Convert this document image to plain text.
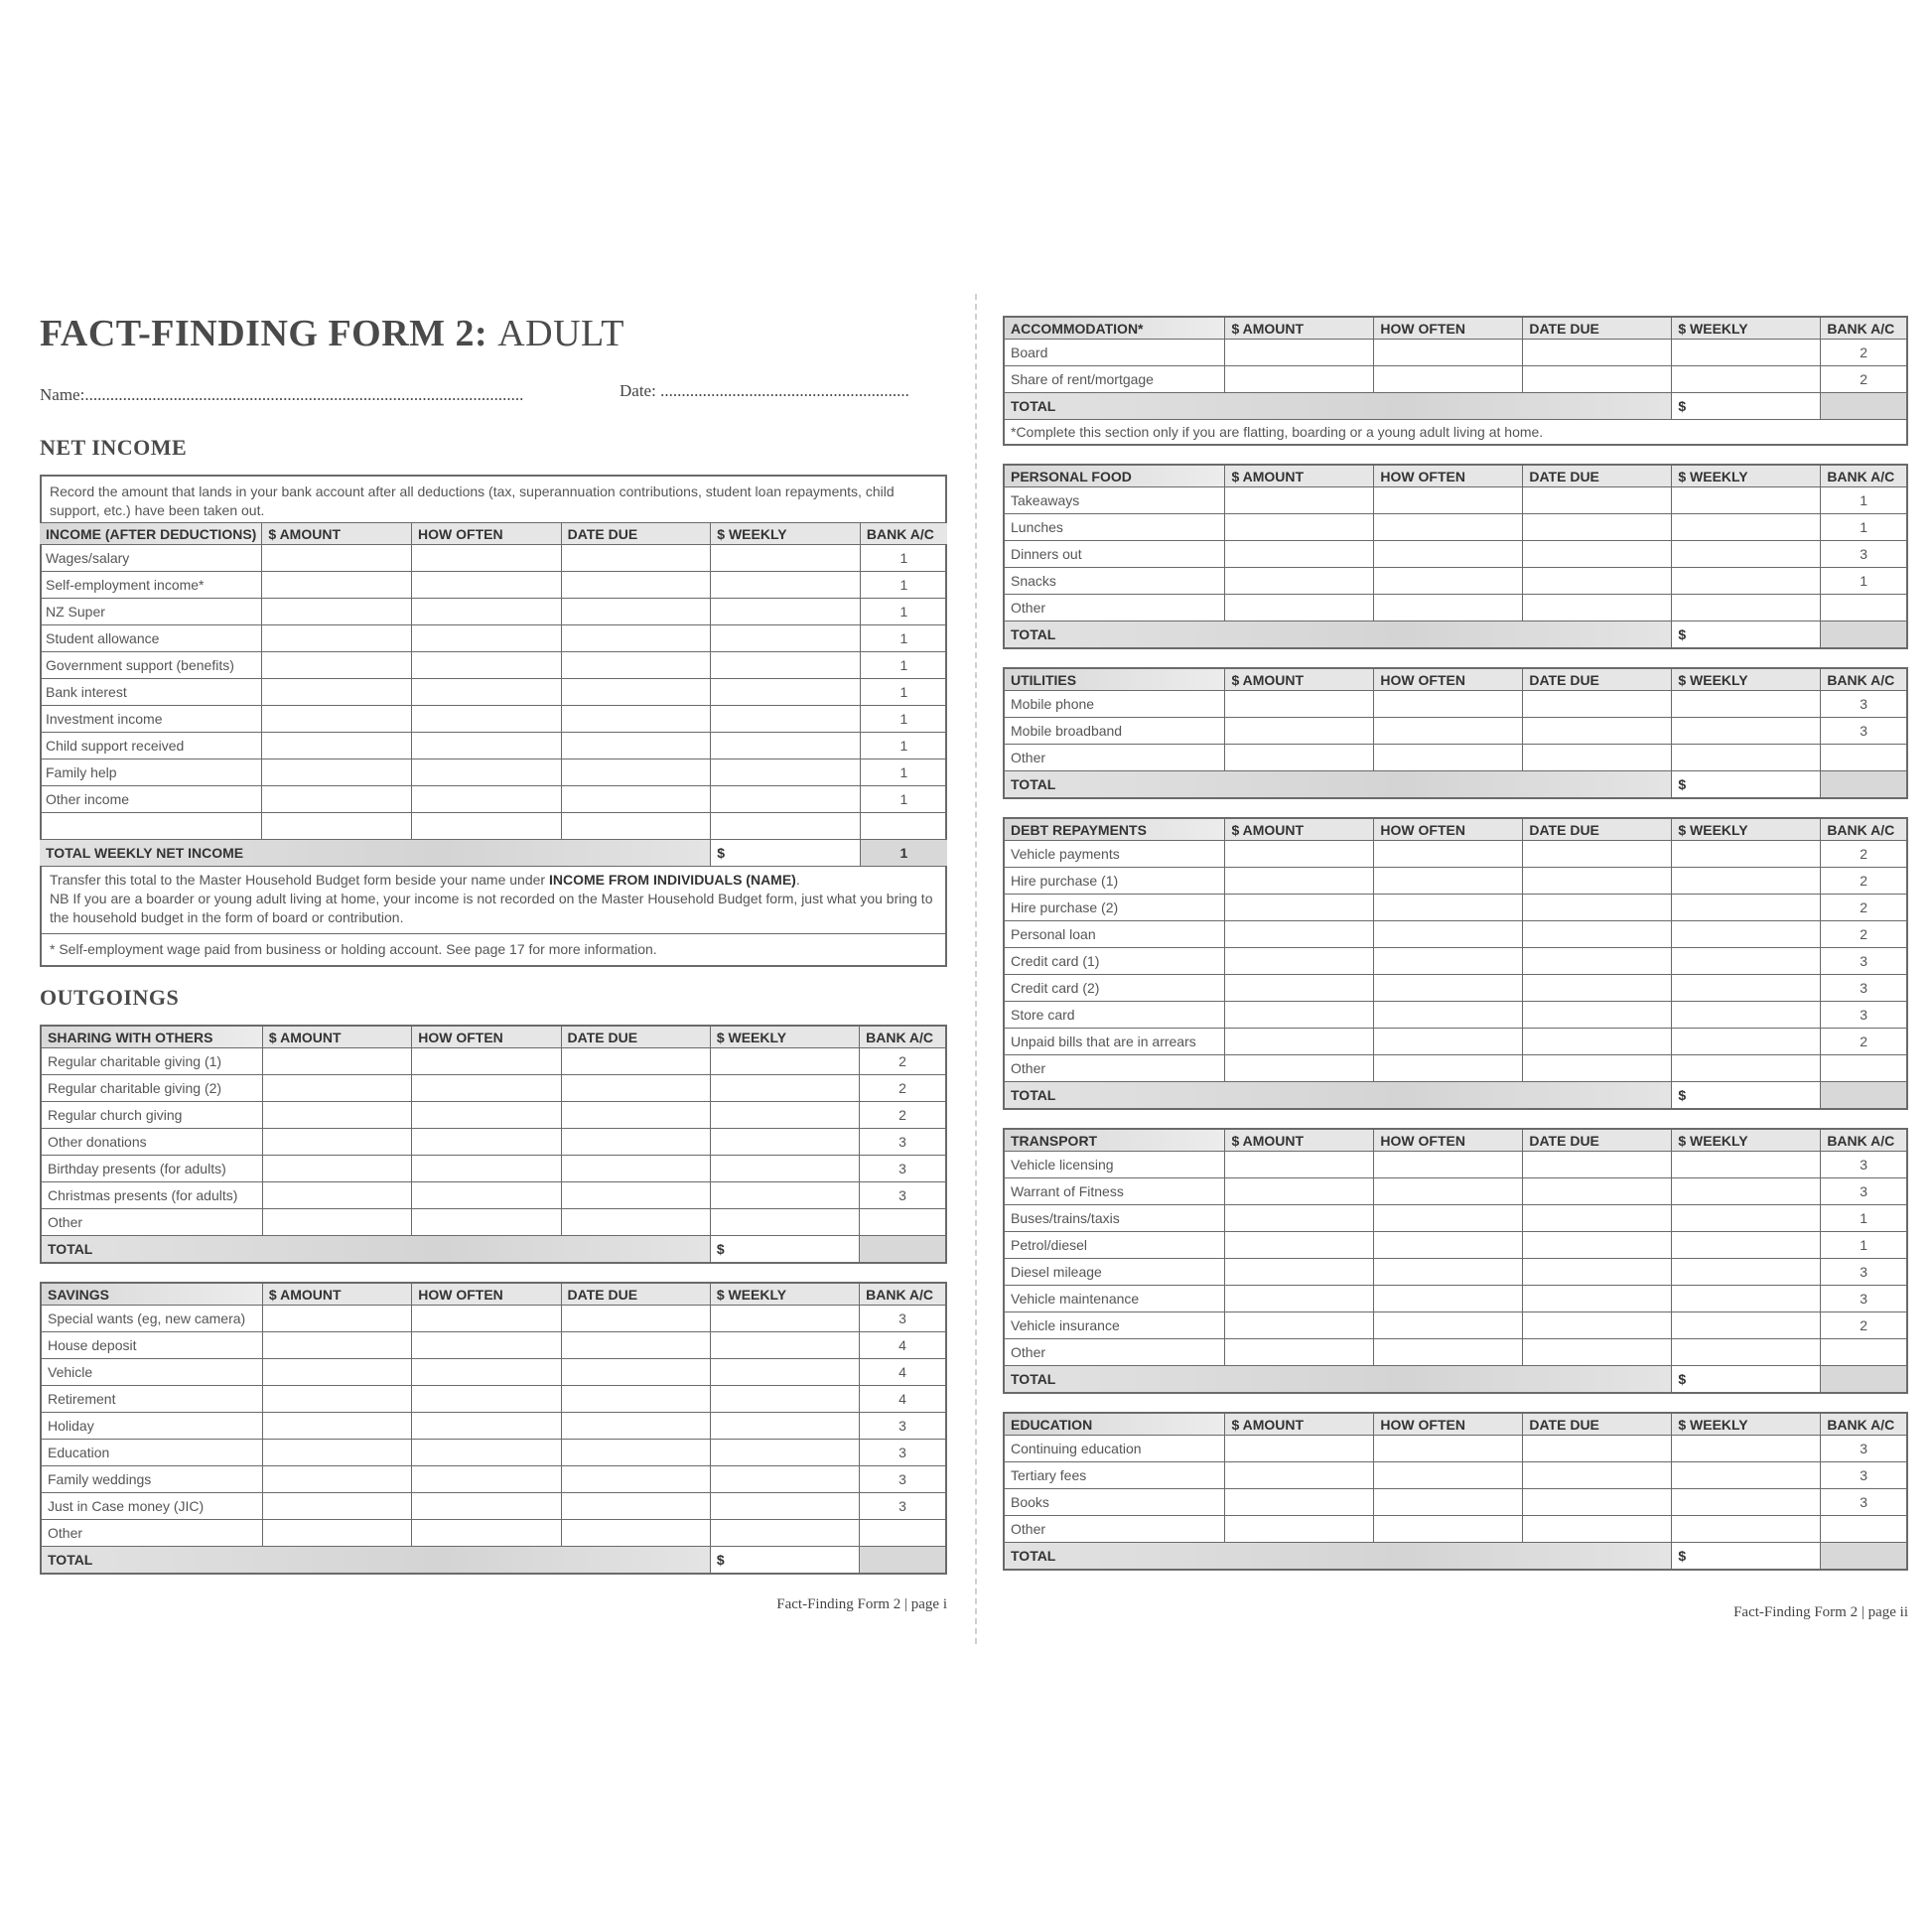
FACT-FINDING FORM 2: ADULT
Name:........................................................................................................	Date: ...........................................................
NET INCOME
Record the amount that lands in your bank account after all deductions (tax, superannuation contributions, student loan repayments, child support, etc.) have been taken out.
INCOME (AFTER DEDUCTIONS)	$ AMOUNT	HOW OFTEN	DATE DUE	$ WEEKLY	BANK A/C
Wages/salary					1
Self-employment income*					1
NZ Super					1
Student allowance					1
Government support (benefits)					1
Bank interest					1
Investment income					1
Child support received					1
Family help					1
Other income					1

TOTAL WEEKLY NET INCOME				$	1
Transfer this total to the Master Household Budget form beside your name under INCOME FROM INDIVIDUALS (NAME).
NB If you are a boarder or young adult living at home, your income is not recorded on the Master Household Budget form, just what you bring to the household budget in the form of board or contribution.
* Self-employment wage paid from business or holding account. See page 17 for more information.
OUTGOINGS
SHARING WITH OTHERS	$ AMOUNT	HOW OFTEN	DATE DUE	$ WEEKLY	BANK A/C
Regular charitable giving (1)					2
Regular charitable giving (2)					2
Regular church giving					2
Other donations					3
Birthday presents (for adults)					3
Christmas presents (for adults)					3
Other					
TOTAL				$	
SAVINGS	$ AMOUNT	HOW OFTEN	DATE DUE	$ WEEKLY	BANK A/C
Special wants (eg, new camera)					3
House deposit					4
Vehicle					4
Retirement					4
Holiday					3
Education					3
Family weddings					3
Just in Case money (JIC)					3
Other					
TOTAL				$	
Fact-Finding Form 2 | page i
ACCOMMODATION*	$ AMOUNT	HOW OFTEN	DATE DUE	$ WEEKLY	BANK A/C
Board					2
Share of rent/mortgage					2
TOTAL				$	
*Complete this section only if you are flatting, boarding or a young adult living at home.					
PERSONAL FOOD	$ AMOUNT	HOW OFTEN	DATE DUE	$ WEEKLY	BANK A/C
Takeaways					1
Lunches					1
Dinners out					3
Snacks					1
Other					
TOTAL				$	
UTILITIES	$ AMOUNT	HOW OFTEN	DATE DUE	$ WEEKLY	BANK A/C
Mobile phone					3
Mobile broadband					3
Other					
TOTAL				$	
DEBT REPAYMENTS	$ AMOUNT	HOW OFTEN	DATE DUE	$ WEEKLY	BANK A/C
Vehicle payments					2
Hire purchase (1)					2
Hire purchase (2)					2
Personal loan					2
Credit card (1)					3
Credit card (2)					3
Store card					3
Unpaid bills that are in arrears					2
Other					
TOTAL				$	
TRANSPORT	$ AMOUNT	HOW OFTEN	DATE DUE	$ WEEKLY	BANK A/C
Vehicle licensing					3
Warrant of Fitness					3
Buses/trains/taxis					1
Petrol/diesel					1
Diesel mileage					3
Vehicle maintenance					3
Vehicle insurance					2
Other					
TOTAL				$	
EDUCATION	$ AMOUNT	HOW OFTEN	DATE DUE	$ WEEKLY	BANK A/C
Continuing education					3
Tertiary fees					3
Books					3
Other					
TOTAL				$	
Fact-Finding Form 2 | page ii
